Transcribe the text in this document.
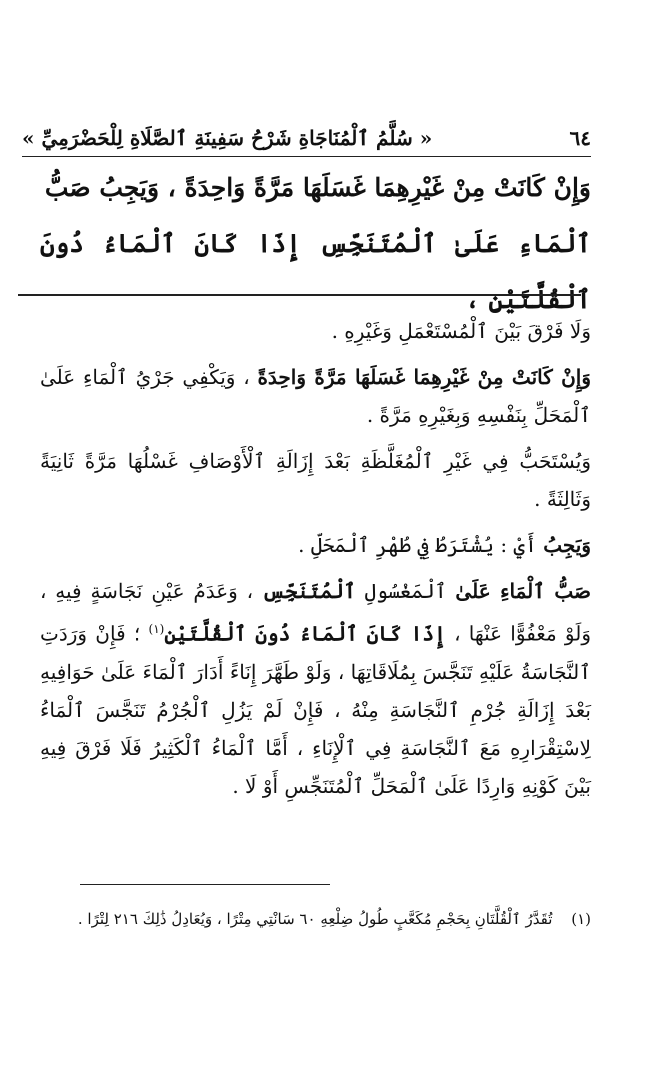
٦٤
« سُلَّمُ ٱلْمُنَاجَاةِ شَرْحُ سَفِينَةِ ٱلصَّلَاةِ لِلْحَضْرَمِيِّ »

وَإِنْ كَانَتْ مِنْ غَيْرِهِمَا غَسَلَهَا مَرَّةً وَاحِدَةً ، وَيَجِبُ صَبُّ

ٱلْمَاءِ عَلَىٰ ٱلْمُتَنَجِّسِ إِذَا كَانَ ٱلْمَاءُ دُونَ ٱلْقُلَّتَيْنِ ،

وَلَا فَرْقَ بَيْنَ ٱلْمُسْتَعْمَلِ وَغَيْرِهِ .

وَإِنْ كَانَتْ مِنْ غَيْرِهِمَا غَسَلَهَا مَرَّةً وَاحِدَةً ، وَيَكْفِي جَرْيُ ٱلْمَاءِ عَلَىٰ ٱلْمَحَلِّ بِنَفْسِهِ وَبِغَيْرِهِ مَرَّةً .

وَيُسْتَحَبُّ فِي غَيْرِ ٱلْمُغَلَّظَةِ بَعْدَ إِزَالَةِ ٱلْأَوْصَافِ غَسْلُهَا مَرَّةً ثَانِيَةً وَثَالِثَةً .

وَيَجِبُ أَيْ : يُشْتَرَطُ فِي طُهْرِ ٱلْمَحَلِّ .

صَبُّ ٱلْمَاءِ عَلَىٰ ٱلْمَغْسُولِ ٱلْمُتَنَجِّسِ ، وَعَدَمُ عَيْنِ نَجَاسَةٍ فِيهِ ، وَلَوْ مَعْفُوًّا عَنْهَا ، إِذَا كَانَ ٱلْمَاءُ دُونَ ٱلْقُلَّتَيْنِ$^{(١)}$ ؛ فَإِنْ وَرَدَتِ ٱلنَّجَاسَةُ عَلَيْهِ تَنَجَّسَ بِمُلَاقَاتِهَا ، وَلَوْ طَهَّرَ إِنَاءً أَدَارَ ٱلْمَاءَ عَلَىٰ حَوَافِيهِ بَعْدَ إِزَالَةِ جُرْمِ ٱلنَّجَاسَةِ مِنْهُ ، فَإِنْ لَمْ يَزُلِ ٱلْجُرْمُ تَنَجَّسَ ٱلْمَاءُ لِاسْتِقْرَارِهِ مَعَ ٱلنَّجَاسَةِ فِي ٱلْإِنَاءِ ، أَمَّا ٱلْمَاءُ ٱلْكَثِيرُ فَلَا فَرْقَ فِيهِ بَيْنَ كَوْنِهِ وَارِدًا عَلَىٰ ٱلْمَحَلِّ ٱلْمُتَنَجِّسِ أَوْ لَا .

(١) تُقَدَّرُ ٱلْقُلَّتَانِ بِحَجْمِ مُكَعَّبٍ طُولُ ضِلْعِهِ ٦٠ سَانْتِي مِتْرًا ، وَيُعَادِلُ ذَٰلِكَ ٢١٦ لِتْرًا .
